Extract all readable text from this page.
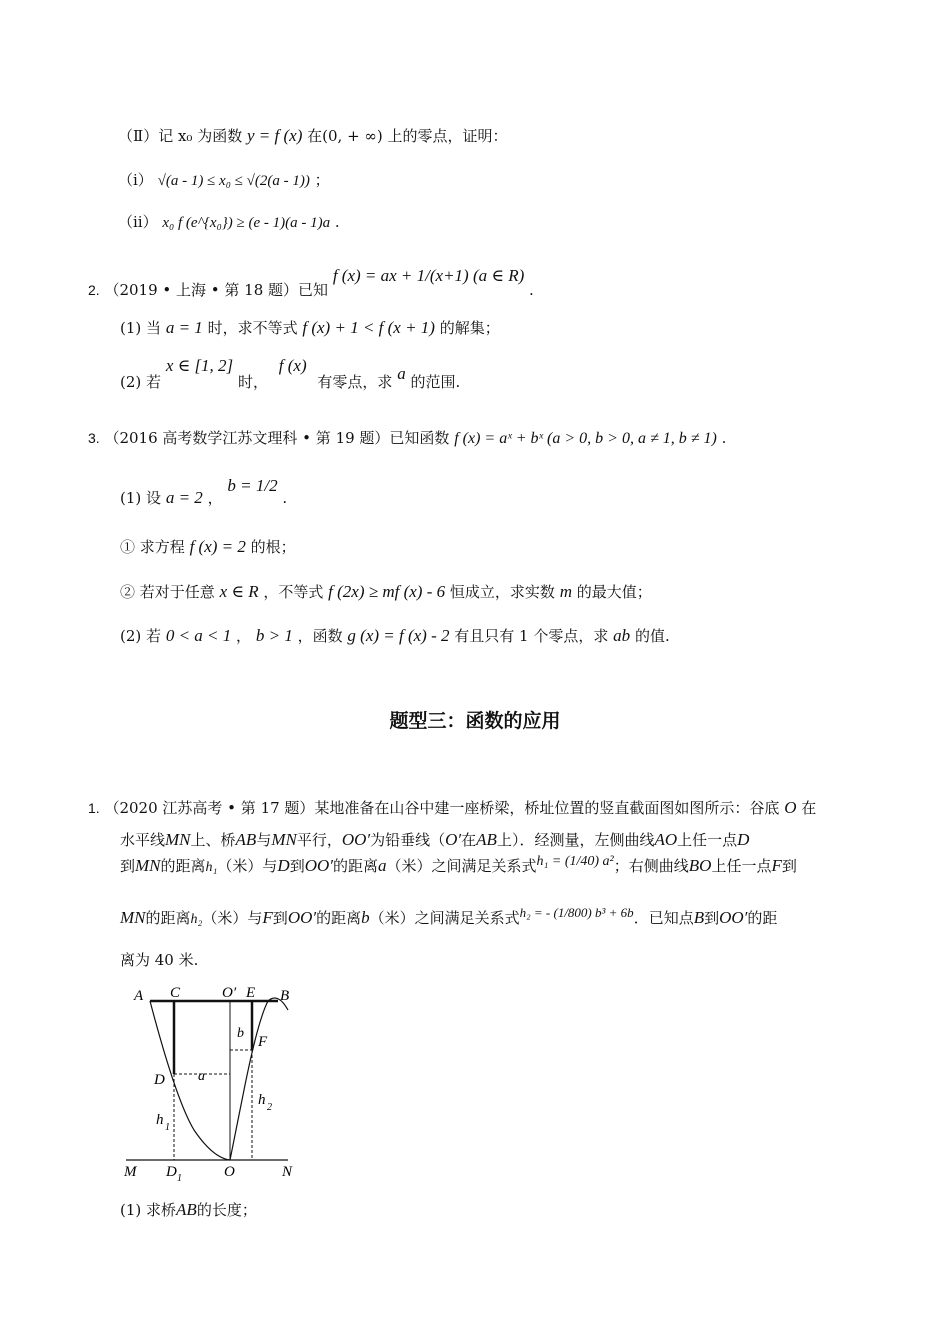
（Ⅱ）记 x₀ 为函数 y = f (x) 在(0, + ∞) 上的零点，证明：
（ⅰ） √(a - 1) ≤ x₀ ≤ √(2(a - 1)) ；
（ⅱ） x₀ f (e^{x₀}) ≥ (e - 1)(a - 1)a .
2. （2019 • 上海 • 第 18 题）已知 f (x) = ax + 1/(x+1) (a ∈ R) .
(1) 当 a = 1 时，求不等式 f (x) + 1 < f (x + 1) 的解集；
(2) 若 x ∈ [1, 2] 时， f (x) 有零点，求 a 的范围.
3. （2016 高考数学江苏文理科 • 第 19 题）已知函数 f (x) = aˣ + bˣ (a > 0, b > 0, a ≠ 1, b ≠ 1) .
(1) 设 a = 2 ， b = 1/2 .
① 求方程 f (x) = 2 的根；
② 若对于任意 x ∈ R ，不等式 f (2x) ≥ mf (x) - 6 恒成立，求实数 m 的最大值；
(2) 若 0 < a < 1 ， b > 1 ，函数 g (x) = f (x) - 2 有且只有 1 个零点，求 ab 的值.
题型三：函数的应用
1. （2020 江苏高考 • 第 17 题）某地准备在山谷中建一座桥梁，桥址位置的竖直截面图如图所示：谷底 O 在
水平线MN上、桥AB与MN平行，OO′为铅垂线（O′在AB上）．经测量，左侧曲线AO上任一点D
到MN的距离h₁（米）与D到OO′的距离a（米）之间满足关系式h₁ = (1/40) a²；右侧曲线BO上任一点F到
MN的距离h₂（米）与F到OO′的距离b（米）之间满足关系式h₂ = - (1/800) b³ + 6b．已知点B到OO′的距
离为 40 米.
A C	O′ E B
b
F
D a
h 1
h 2
M D 1	O	N
(1) 求桥AB的长度；
